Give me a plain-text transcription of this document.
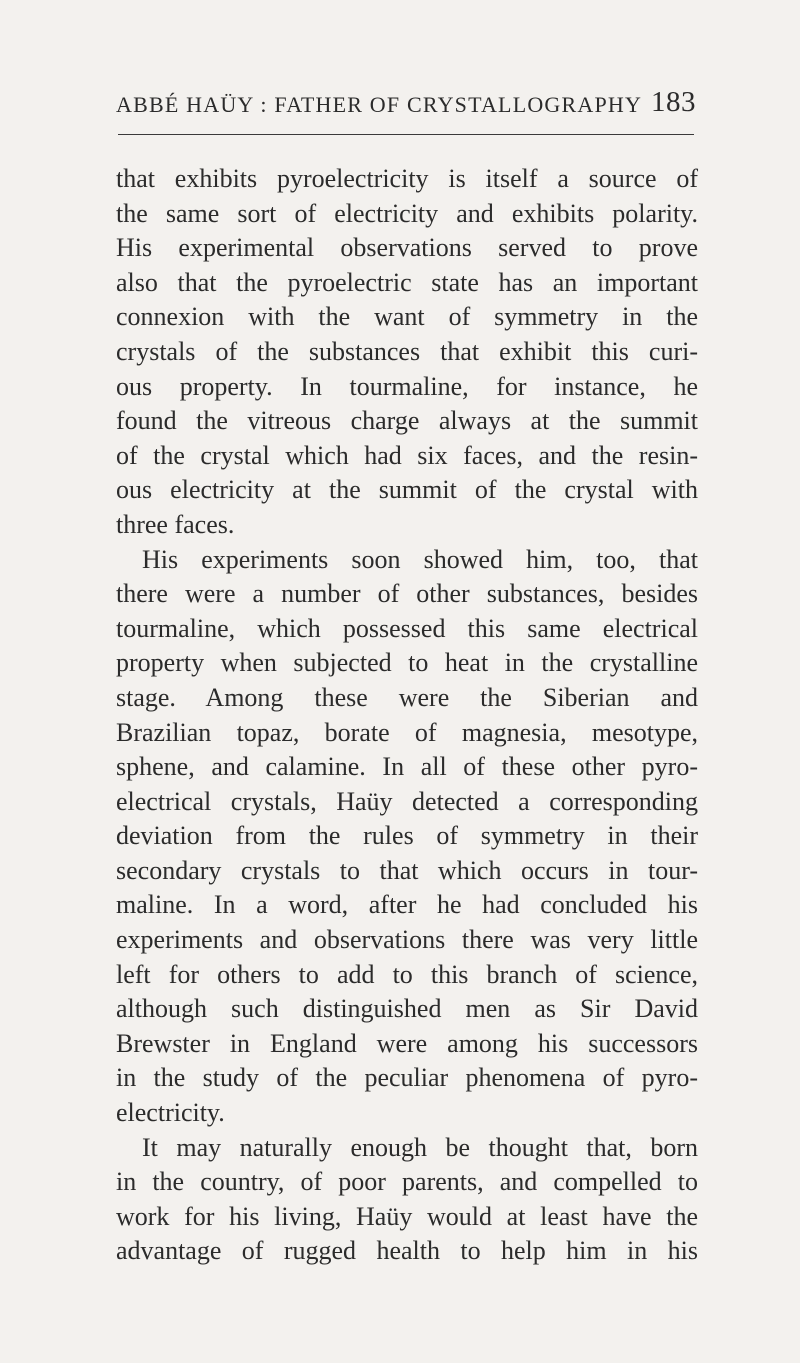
ABBÉ HAÜY : FATHER OF CRYSTALLOGRAPHY 183
that exhibits pyroelectricity is itself a source of
the same sort of electricity and exhibits polarity.
His experimental observations served to prove
also that the pyroelectric state has an important
connexion with the want of symmetry in the
crystals of the substances that exhibit this curi-
ous property. In tourmaline, for instance, he
found the vitreous charge always at the summit
of the crystal which had six faces, and the resin-
ous electricity at the summit of the crystal with
three faces.
His experiments soon showed him, too, that
there were a number of other substances, besides
tourmaline, which possessed this same electrical
property when subjected to heat in the crystalline
stage. Among these were the Siberian and
Brazilian topaz, borate of magnesia, mesotype,
sphene, and calamine. In all of these other pyro-
electrical crystals, Haüy detected a corresponding
deviation from the rules of symmetry in their
secondary crystals to that which occurs in tour-
maline. In a word, after he had concluded his
experiments and observations there was very little
left for others to add to this branch of science,
although such distinguished men as Sir David
Brewster in England were among his successors
in the study of the peculiar phenomena of pyro-
electricity.
It may naturally enough be thought that, born
in the country, of poor parents, and compelled to
work for his living, Haüy would at least have the
advantage of rugged health to help him in his
